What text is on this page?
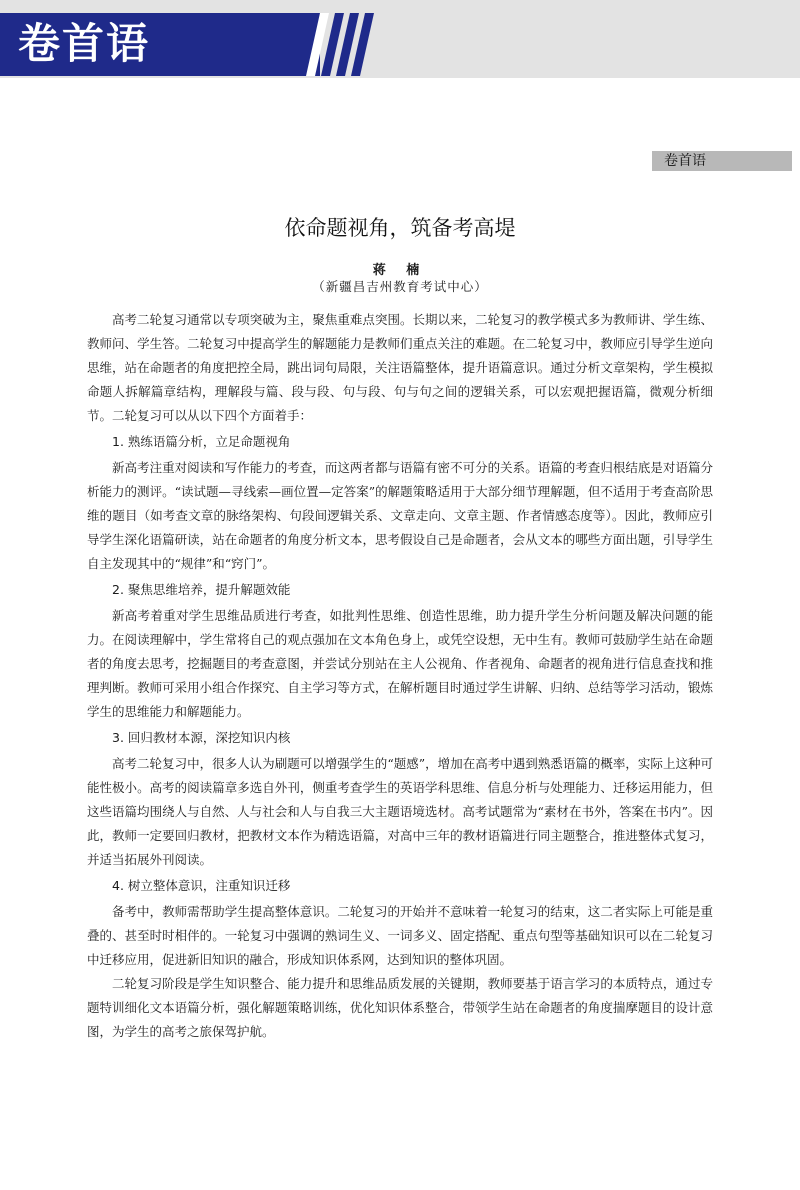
卷首语
卷首语
依命题视角，筑备考高堤
蒋 楠
（新疆昌吉州教育考试中心）

高考二轮复习通常以专项突破为主，聚焦重难点突围。长期以来，二轮复习的教学模式多为教师讲、学生练、教师问、学生答。二轮复习中提高学生的解题能力是教师们重点关注的难题。在二轮复习中，教师应引导学生逆向思维，站在命题者的角度把控全局，跳出词句局限，关注语篇整体，提升语篇意识。通过分析文章架构，学生模拟命题人拆解篇章结构，理解段与篇、段与段、句与段、句与句之间的逻辑关系，可以宏观把握语篇，微观分析细节。二轮复习可以从以下四个方面着手：

1. 熟练语篇分析，立足命题视角

新高考注重对阅读和写作能力的考查，而这两者都与语篇有密不可分的关系。语篇的考查归根结底是对语篇分析能力的测评。“读试题—寻线索—画位置—定答案”的解题策略适用于大部分细节理解题，但不适用于考查高阶思维的题目（如考查文章的脉络架构、句段间逻辑关系、文章走向、文章主题、作者情感态度等）。因此，教师应引导学生深化语篇研读，站在命题者的角度分析文本，思考假设自己是命题者，会从文本的哪些方面出题，引导学生自主发现其中的“规律”和“窍门”。

2. 聚焦思维培养，提升解题效能

新高考着重对学生思维品质进行考查，如批判性思维、创造性思维，助力提升学生分析问题及解决问题的能力。在阅读理解中，学生常将自己的观点强加在文本角色身上，或凭空设想，无中生有。教师可鼓励学生站在命题者的角度去思考，挖掘题目的考查意图，并尝试分别站在主人公视角、作者视角、命题者的视角进行信息查找和推理判断。教师可采用小组合作探究、自主学习等方式，在解析题目时通过学生讲解、归纳、总结等学习活动，锻炼学生的思维能力和解题能力。

3. 回归教材本源，深挖知识内核

高考二轮复习中，很多人认为刷题可以增强学生的“题感”，增加在高考中遇到熟悉语篇的概率，实际上这种可能性极小。高考的阅读篇章多选自外刊，侧重考查学生的英语学科思维、信息分析与处理能力、迁移运用能力，但这些语篇均围绕人与自然、人与社会和人与自我三大主题语境选材。高考试题常为“素材在书外，答案在书内”。因此，教师一定要回归教材，把教材文本作为精选语篇，对高中三年的教材语篇进行同主题整合，推进整体式复习，并适当拓展外刊阅读。

4. 树立整体意识，注重知识迁移

备考中，教师需帮助学生提高整体意识。二轮复习的开始并不意味着一轮复习的结束，这二者实际上可能是重叠的、甚至时时相伴的。一轮复习中强调的熟词生义、一词多义、固定搭配、重点句型等基础知识可以在二轮复习中迁移应用，促进新旧知识的融合，形成知识体系网，达到知识的整体巩固。

二轮复习阶段是学生知识整合、能力提升和思维品质发展的关键期，教师要基于语言学习的本质特点，通过专题特训细化文本语篇分析，强化解题策略训练，优化知识体系整合，带领学生站在命题者的角度揣摩题目的设计意图，为学生的高考之旅保驾护航。
